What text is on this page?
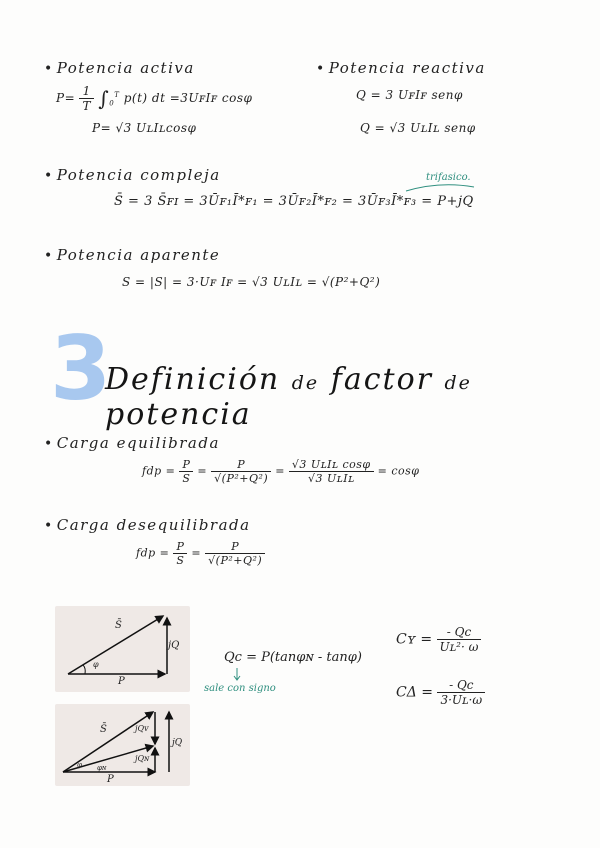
• Potencia activa
$P= \frac{1}{T} \int_0^T$ p(t) dt =3UꜰIꜰ cosφ
P= √3 UʟIʟcosφ
• Potencia reactiva
Q = 3 UꜰIꜰ senφ
Q = √3 UʟIʟ senφ
• Potencia compleja	trifasico.
S̄ = 3 S̄ꜰɪ = 3Ūꜰ₁Ī*ꜰ₁ = 3Ūꜰ₂Ī*ꜰ₂ = 3Ūꜰ₃Ī*ꜰ₃ = P+jQ
• Potencia aparente
S = |S| = 3·Uꜰ Iꜰ = √3 UʟIʟ = √(P²+Q²)
3
Definición de factor de potencia
• Carga equilibrada
fdp = $\frac{P}{S} = \frac{P}{\text{√(P²+Q²)}} = \frac{\text{√3 UʟIʟ cosφ}}{\text{√3 UʟIʟ}} = \cos\varphi$
• Carga desequilibrada
fdp = $\frac{P}{S} = \frac{P}{\text{√(P²+Q²)}}$
S̄
jQ
P
φ
S̄	jQᴠ
jQɴ
jQ
P
φ φɴ
Qc = P(tanφɴ - tanφ)
sale con signo
Cʏ = $\frac{- Qc}{\text{Uʟ²· ω}}$
$C\Delta = \frac{- Qc}{\text{3·Uʟ·ω}}$
